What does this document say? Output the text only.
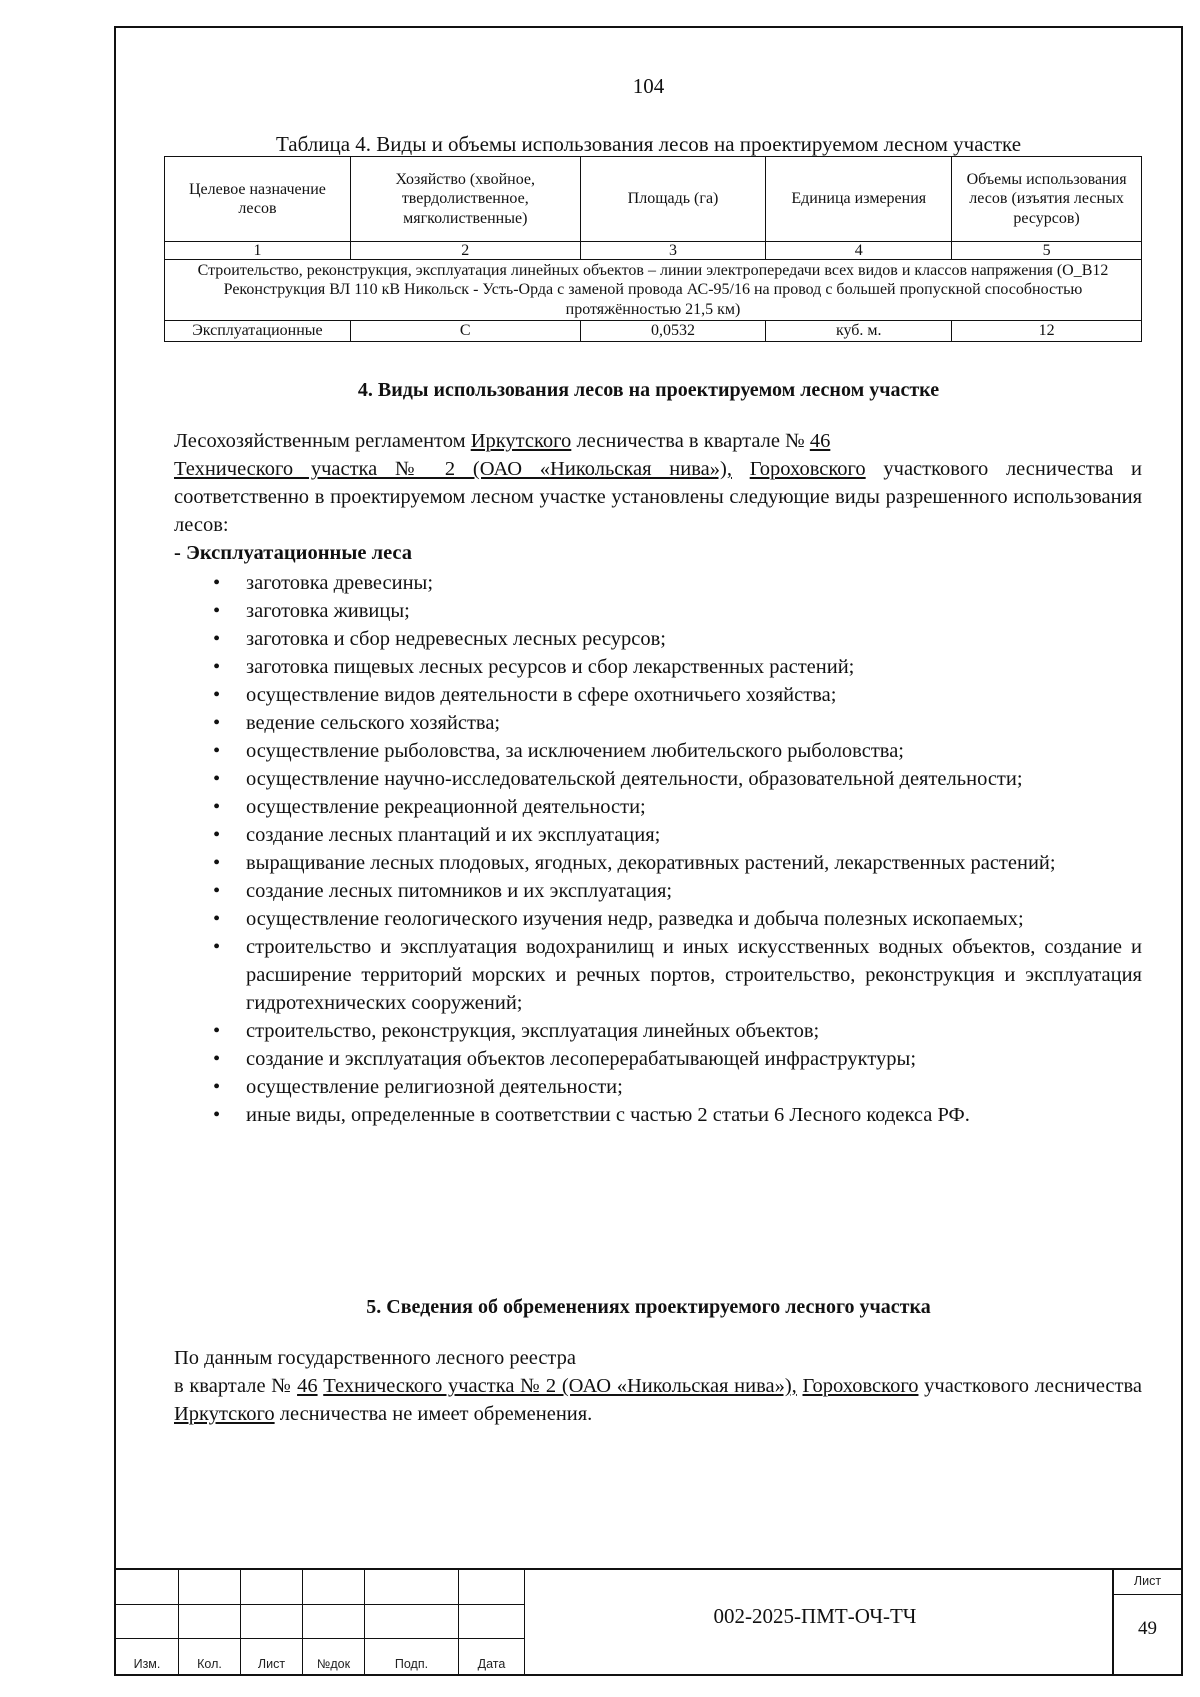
104
Таблица 4. Виды и объемы использования лесов на проектируемом лесном участке
Целевое назначение лесов	Хозяйство (хвойное, твердолиственное, мягколиственные)	Площадь (га)	Единица измерения	Объемы использования лесов (изъятия лесных ресурсов)
1	2	3	4	5
Строительство, реконструкция, эксплуатация линейных объектов – линии электропередачи всех видов и классов напряжения (О_В12 Реконструкция ВЛ 110 кВ Никольск - Усть-Орда с заменой провода АС-95/16 на провод с большей пропускной способностью протяжённостью 21,5 км)				
Эксплуатационные	С	0,0532	куб. м.	12
4. Виды использования лесов на проектируемом лесном участке

Лесохозяйственным регламентом Иркутского лесничества в квартале № 46
Технического участка № 2 (ОАО «Никольская нива»), Гороховского участкового лесничества и соответственно в проектируемом лесном участке установлены следующие виды разрешенного использования лесов:

- Эксплуатационные леса

• заготовка древесины;
• заготовка живицы;
• заготовка и сбор недревесных лесных ресурсов;
• заготовка пищевых лесных ресурсов и сбор лекарственных растений;
• осуществление видов деятельности в сфере охотничьего хозяйства;
• ведение сельского хозяйства;
• осуществление рыболовства, за исключением любительского рыболовства;
• осуществление научно-исследовательской деятельности, образовательной деятельности;
• осуществление рекреационной деятельности;
• создание лесных плантаций и их эксплуатация;
• выращивание лесных плодовых, ягодных, декоративных растений, лекарственных растений;
• создание лесных питомников и их эксплуатация;
• осуществление геологического изучения недр, разведка и добыча полезных ископаемых;
• строительство и эксплуатация водохранилищ и иных искусственных водных объектов, создание и расширение территорий морских и речных портов, строительство, реконструкция и эксплуатация гидротехнических сооружений;
• строительство, реконструкция, эксплуатация линейных объектов;
• создание и эксплуатация объектов лесоперерабатывающей инфраструктуры;
• осуществление религиозной деятельности;
• иные виды, определенные в соответствии с частью 2 статьи 6 Лесного кодекса РФ.
5. Сведения об обременениях проектируемого лесного участка

По данным государственного лесного реестра

в квартале № 46 Технического участка № 2 (ОАО «Никольская нива»), Гороховского участкового лесничества Иркутского лесничества не имеет обременения.

Изм.	Кол.	Лист	№док	Подп.	Дата
002-2025-ПМТ-ОЧ-ТЧ
Лист
49
